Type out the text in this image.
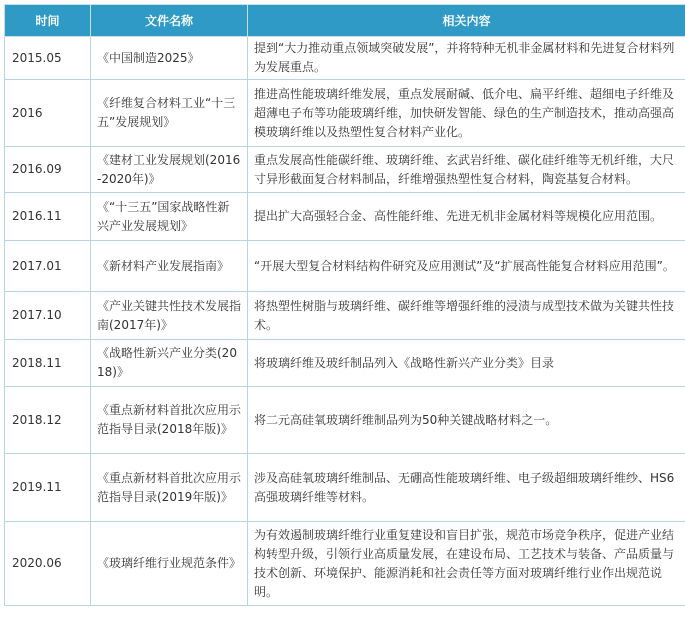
时间	文件名称	相关内容
2015.05	《中国制造2025》	提到“大力推动重点领域突破发展”，并将特种无机非金属材料和先进复合材料列为发展重点。
2016	《纤维复合材料工业“十三五”发展规划》	推进高性能玻璃纤维发展，重点发展耐碱、低介电、扁平纤维、超细电子纤维及超薄电子布等功能玻璃纤维，加快研发智能、绿色的生产制造技术，推动高强高模玻璃纤维以及热塑性复合材料产业化。
2016.09	《建材工业发展规划(2016-2020年)》	重点发展高性能碳纤维、玻璃纤维、玄武岩纤维、碳化硅纤维等无机纤维，大尺寸异形截面复合材料制品，纤维增强热塑性复合材料，陶瓷基复合材料。
2016.11	《“十三五”国家战略性新兴产业发展规划》	提出扩大高强轻合金、高性能纤维、先进无机非金属材料等规模化应用范围。
2017.01	《新材料产业发展指南》	“开展大型复合材料结构件研究及应用测试”及“扩展高性能复合材料应用范围”。
2017.10	《产业关键共性技术发展指南(2017年)》	将热塑性树脂与玻璃纤维、碳纤维等增强纤维的浸渍与成型技术做为关键共性技术。
2018.11	《战略性新兴产业分类(2018)》	将玻璃纤维及玻纤制品列入《战略性新兴产业分类》目录
2018.12	《重点新材料首批次应用示范指导目录(2018年版)》	将二元高硅氧玻璃纤维制品列为50种关键战略材料之一。
2019.11	《重点新材料首批次应用示范指导目录(2019年版)》	涉及高硅氧玻璃纤维制品、无硼高性能玻璃纤维、电子级超细玻璃纤维纱、HS6高强玻璃纤维等材料。
2020.06	《玻璃纤维行业规范条件》	为有效遏制玻璃纤维行业重复建设和盲目扩张，规范市场竞争秩序，促进产业结构转型升级，引领行业高质量发展，在建设布局、工艺技术与装备、产品质量与技术创新、环境保护、能源消耗和社会责任等方面对玻璃纤维行业作出规范说明。
